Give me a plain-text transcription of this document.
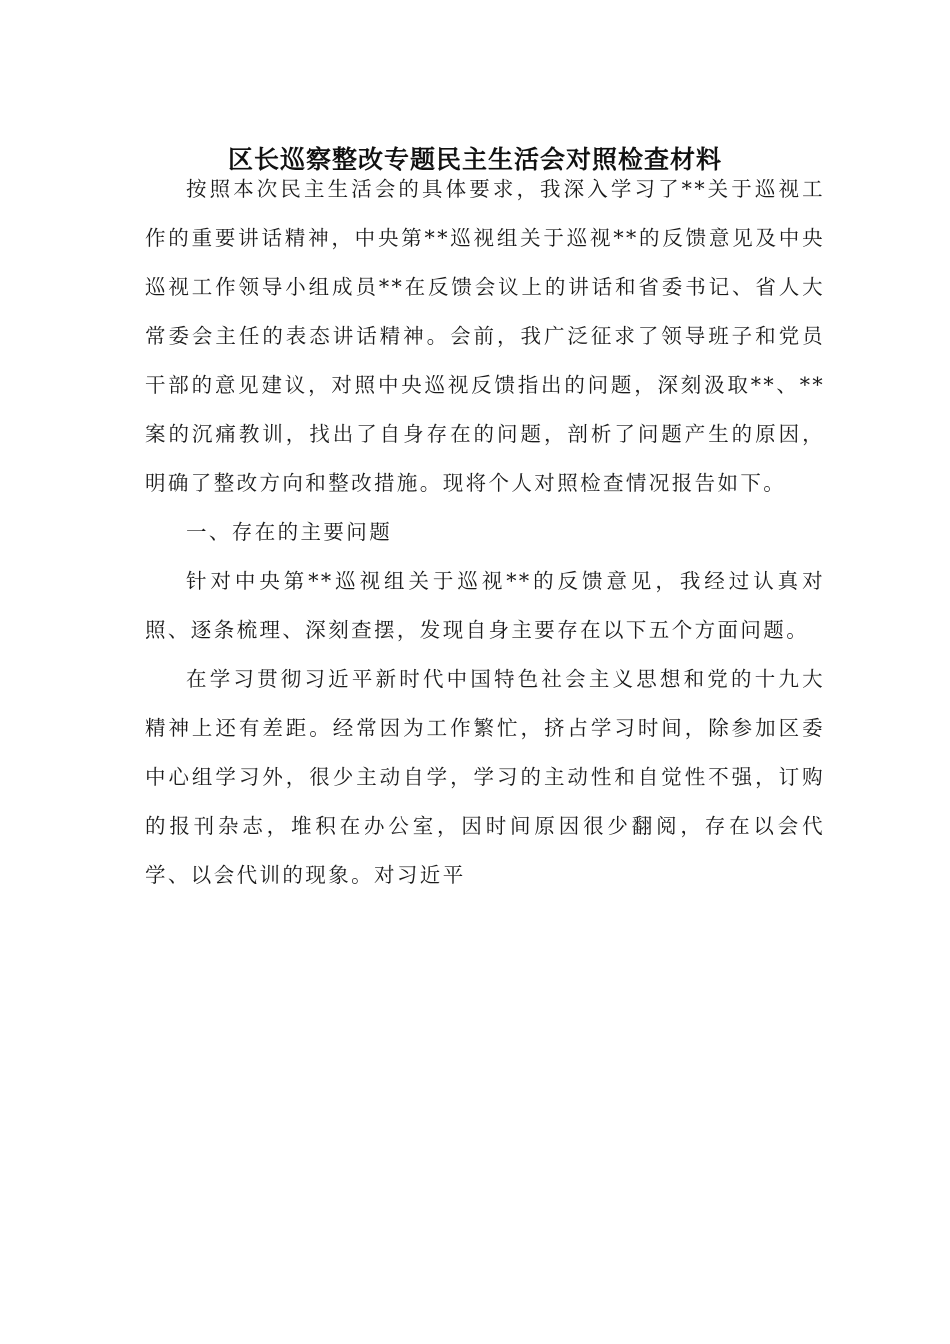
区长巡察整改专题民主生活会对照检查材料

按照本次民主生活会的具体要求，我深入学习了**关于巡视工作的重要讲话精神，中央第**巡视组关于巡视**的反馈意见及中央巡视工作领导小组成员**在反馈会议上的讲话和省委书记、省人大常委会主任的表态讲话精神。会前，我广泛征求了领导班子和党员干部的意见建议，对照中央巡视反馈指出的问题，深刻汲取**、**案的沉痛教训，找出了自身存在的问题，剖析了问题产生的原因，明确了整改方向和整改措施。现将个人对照检查情况报告如下。

一、存在的主要问题

针对中央第**巡视组关于巡视**的反馈意见，我经过认真对照、逐条梳理、深刻查摆，发现自身主要存在以下五个方面问题。

在学习贯彻习近平新时代中国特色社会主义思想和党的十九大精神上还有差距。经常因为工作繁忙，挤占学习时间，除参加区委中心组学习外，很少主动自学，学习的主动性和自觉性不强，订购的报刊杂志，堆积在办公室，因时间原因很少翻阅，存在以会代学、以会代训的现象。对习近平
